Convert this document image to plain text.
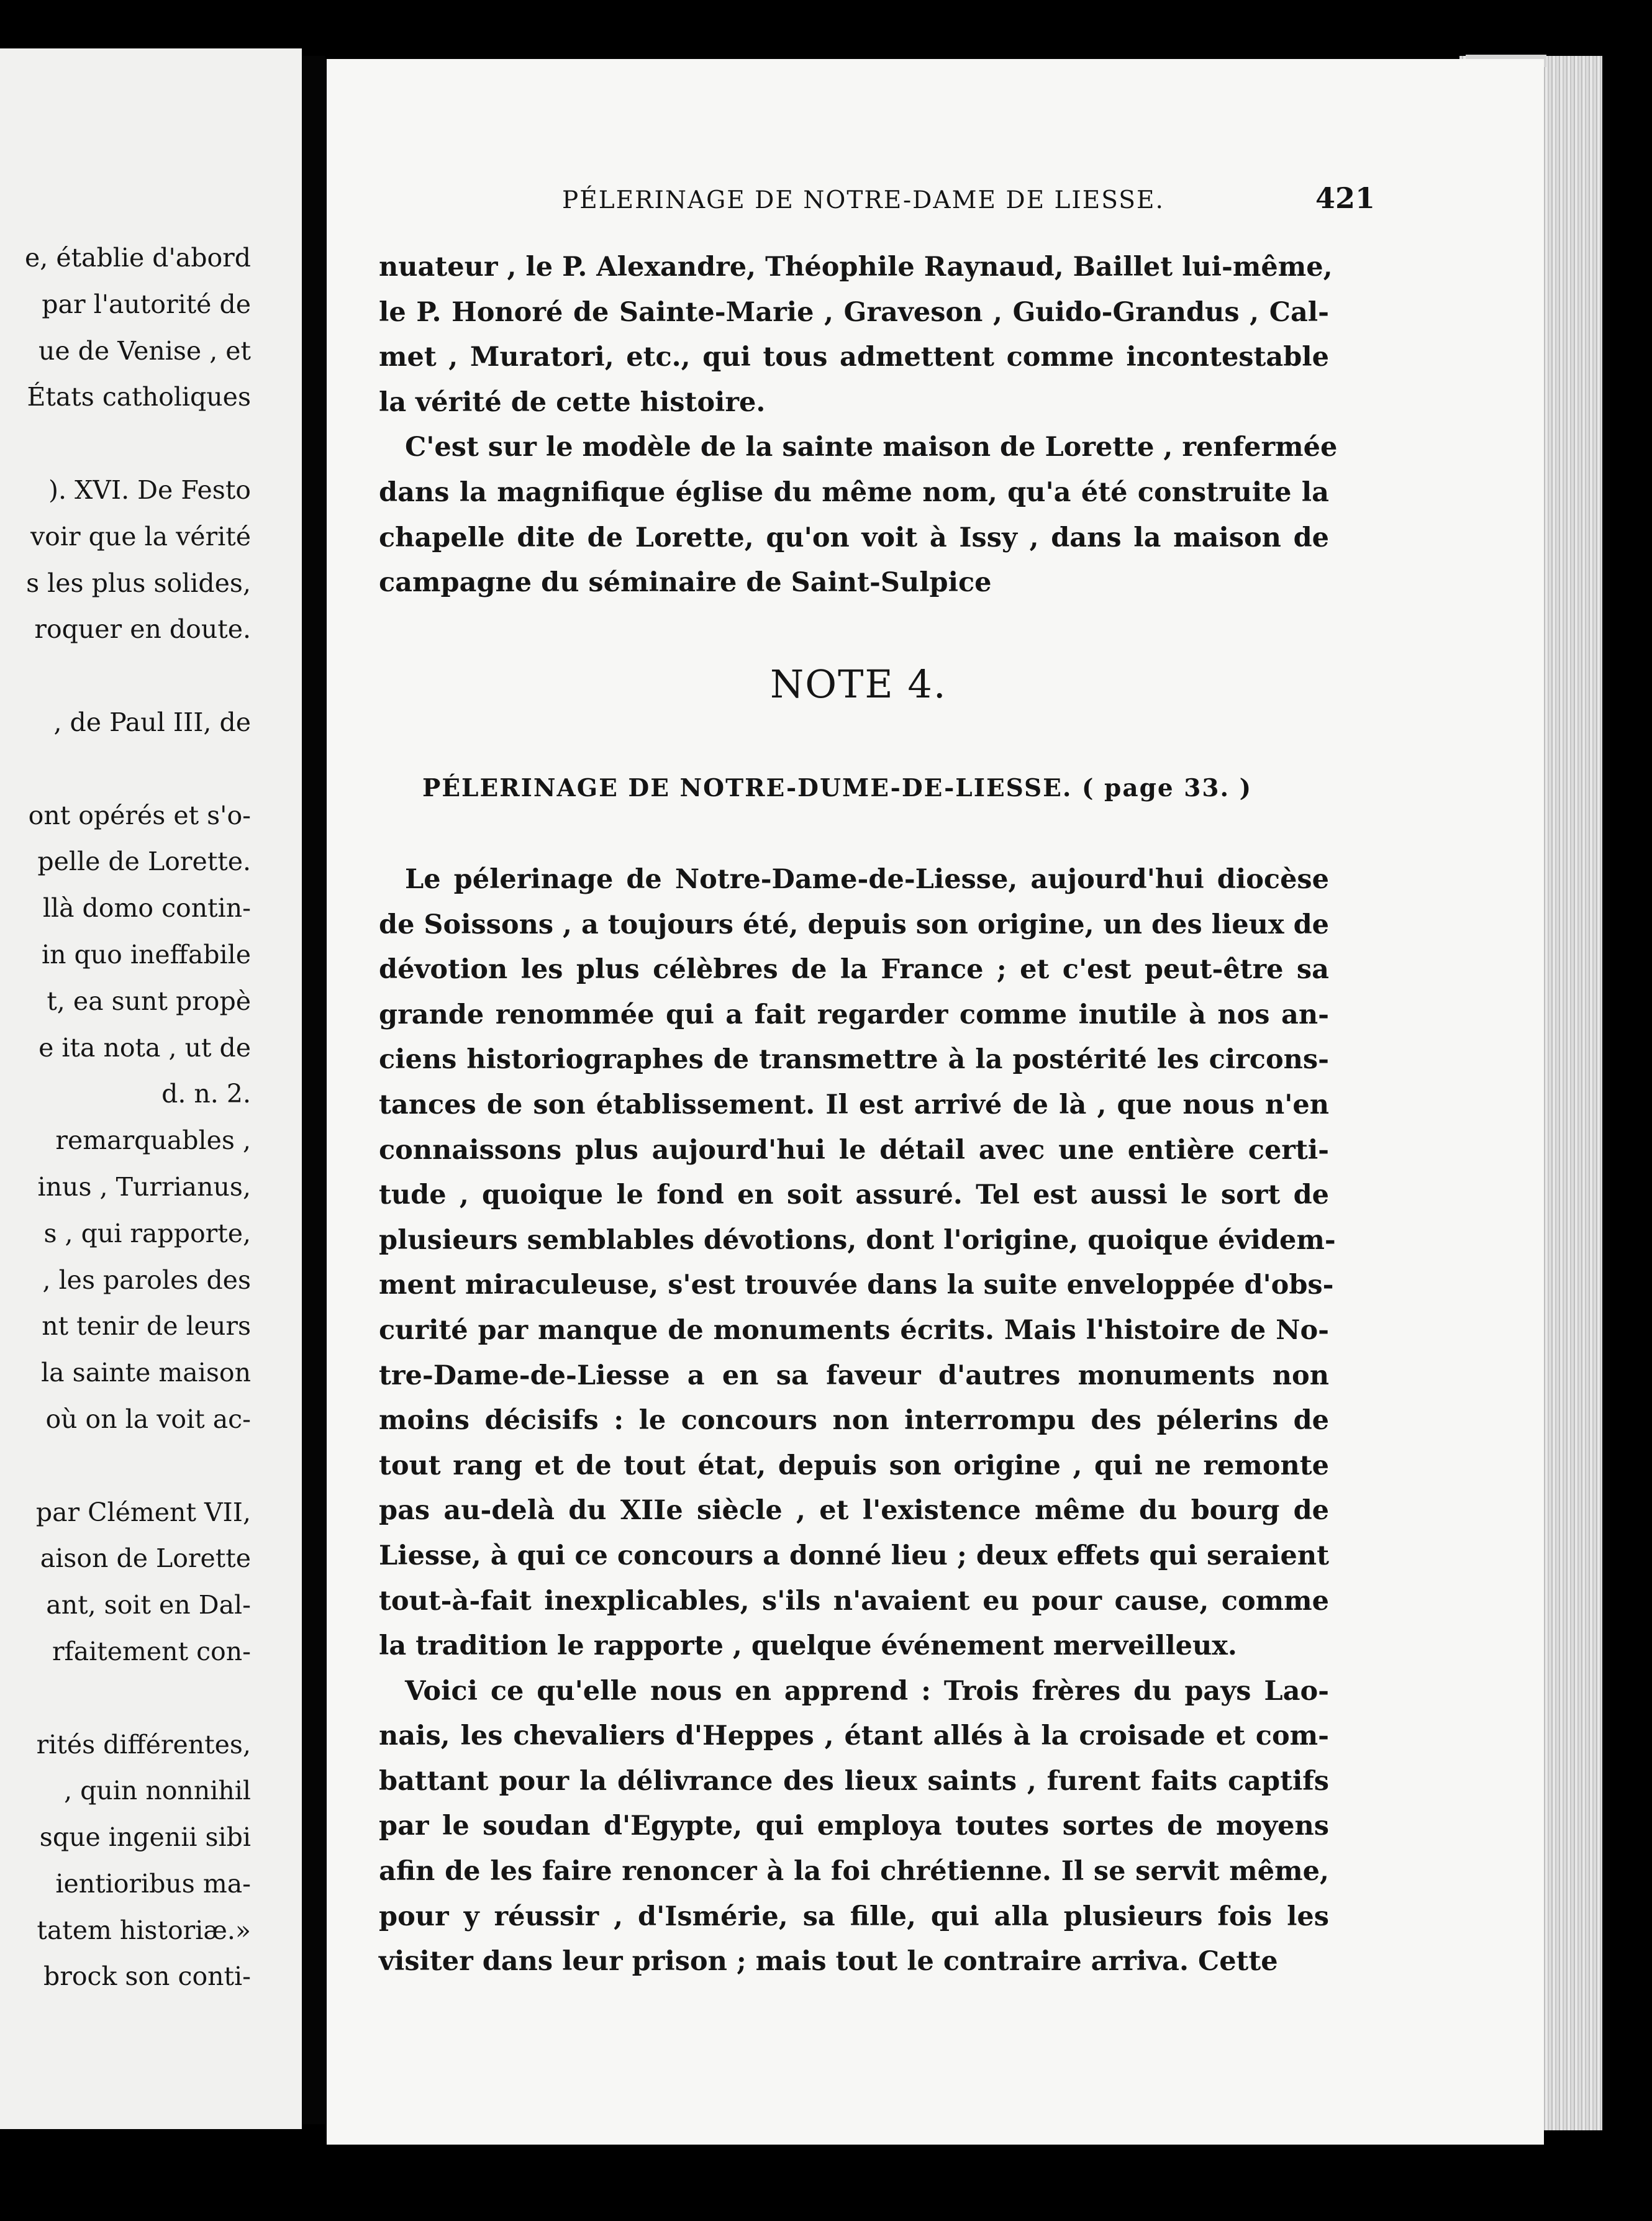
e, établie d'abord
par l'autorité de
ue de Venise , et
États catholiques
). XVI. De Festo
voir que la vérité
s les plus solides,
roquer en doute.
, de Paul III, de
ont opérés et s'o-
pelle de Lorette.
llà domo contin-
in quo ineffabile
t, ea sunt propè
e ita nota , ut de
d. n. 2.
remarquables ,
inus , Turrianus,
s , qui rapporte,
, les paroles des
nt tenir de leurs
la sainte maison
où on la voit ac-
par Clément VII,
aison de Lorette
ant, soit en Dal-
rfaitement con-
rités différentes,
, quin nonnihil
sque ingenii sibi
ientioribus ma-
tatem historiæ.»
brock son conti-
PÉLERINAGE DE NOTRE-DAME DE LIESSE.	421
nuateur , le P. Alexandre, Théophile Raynaud, Baillet lui-même,
le P. Honoré de Sainte-Marie , Graveson , Guido-Grandus , Cal-
met , Muratori, etc., qui tous admettent comme incontestable
la vérité de cette histoire.
C'est sur le modèle de la sainte maison de Lorette , renfermée
dans la magnifique église du même nom, qu'a été construite la
chapelle dite de Lorette, qu'on voit à Issy , dans la maison de
campagne du séminaire de Saint-Sulpice
NOTE 4.
PÉLERINAGE DE NOTRE-DUME-DE-LIESSE. ( page 33. )
Le pélerinage de Notre-Dame-de-Liesse, aujourd'hui diocèse
de Soissons , a toujours été, depuis son origine, un des lieux de
dévotion les plus célèbres de la France ; et c'est peut-être sa
grande renommée qui a fait regarder comme inutile à nos an-
ciens historiographes de transmettre à la postérité les circons-
tances de son établissement. Il est arrivé de là , que nous n'en
connaissons plus aujourd'hui le détail avec une entière certi-
tude , quoique le fond en soit assuré. Tel est aussi le sort de
plusieurs semblables dévotions, dont l'origine, quoique évidem-
ment miraculeuse, s'est trouvée dans la suite enveloppée d'obs-
curité par manque de monuments écrits. Mais l'histoire de No-
tre-Dame-de-Liesse a en sa faveur d'autres monuments non
moins décisifs : le concours non interrompu des pélerins de
tout rang et de tout état, depuis son origine , qui ne remonte
pas au-delà du XIIe siècle , et l'existence même du bourg de
Liesse, à qui ce concours a donné lieu ; deux effets qui seraient
tout-à-fait inexplicables, s'ils n'avaient eu pour cause, comme
la tradition le rapporte , quelque événement merveilleux.
Voici ce qu'elle nous en apprend : Trois frères du pays Lao-
nais, les chevaliers d'Heppes , étant allés à la croisade et com-
battant pour la délivrance des lieux saints , furent faits captifs
par le soudan d'Egypte, qui employa toutes sortes de moyens
afin de les faire renoncer à la foi chrétienne. Il se servit même,
pour y réussir , d'Ismérie, sa fille, qui alla plusieurs fois les
visiter dans leur prison ; mais tout le contraire arriva. Cette
